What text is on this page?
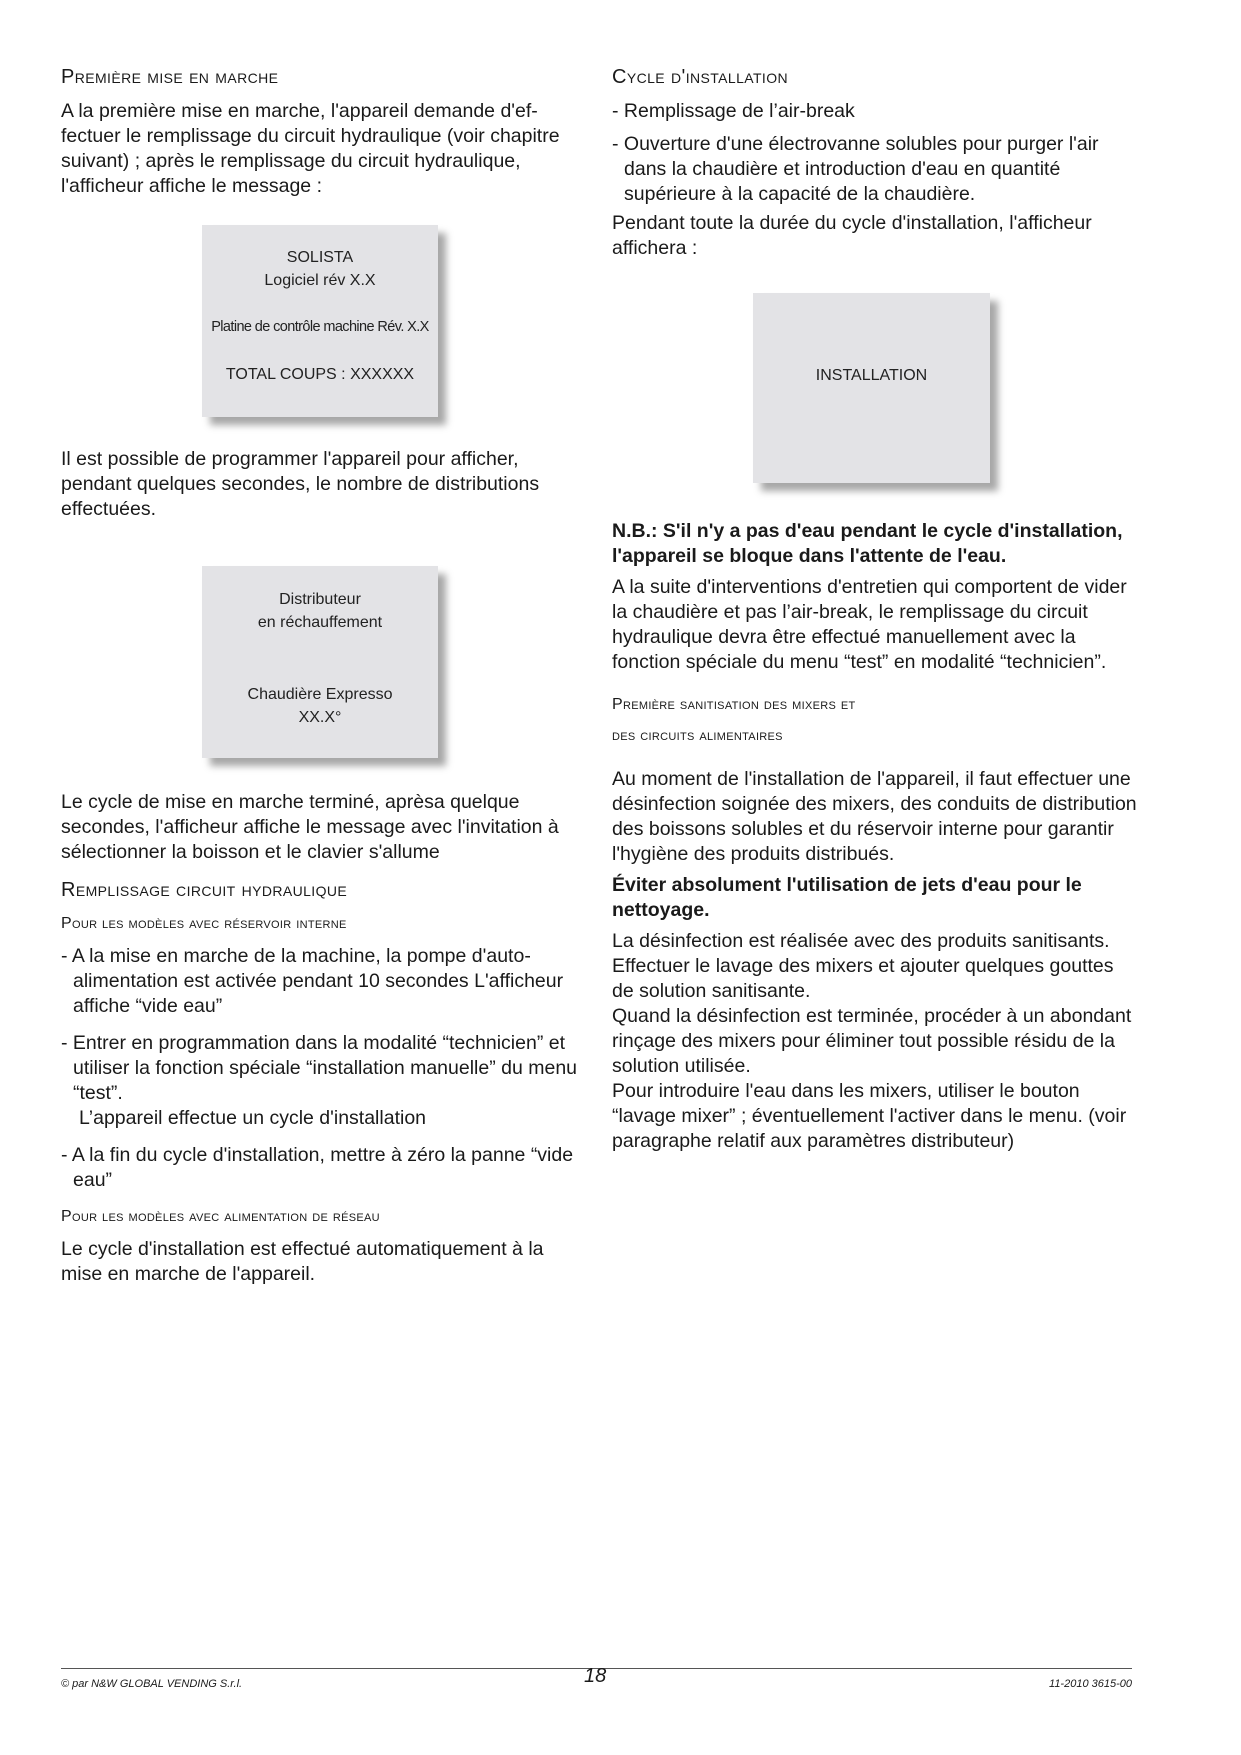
Première mise en marche

A la première mise en marche, l'appareil demande d'effectuer le remplissage du circuit hydraulique (voir chapitre suivant) ; après le remplissage du circuit hydraulique, l'afficheur affiche le message :

SOLISTA
Logiciel rév X.X
Platine de contrôle machine Rév. X.X
TOTAL COUPS : XXXXXX

Il est possible de programmer l'appareil pour afficher, pendant quelques secondes, le nombre de distributions effectuées.

Distributeur
en réchauffement
Chaudière Expresso
XX.X°

Le cycle de mise en marche terminé, aprèsa quelque secondes, l'afficheur affiche le message avec l'invitation à sélectionner la boisson et le clavier s'allume

Remplissage circuit hydraulique
Pour les modèles avec réservoir interne
- A la mise en marche de la machine, la pompe d'autoalimentation est activée pendant 10 secondes L'afficheur affiche “vide eau”
- Entrer en programmation dans la modalité “technicien” et utiliser la fonction spéciale “installation manuelle” du menu “test”.
L’appareil effectue un cycle d'installation
- A la fin du cycle d'installation, mettre à zéro la panne “vide eau”
Pour les modèles avec alimentation de réseau

Le cycle d'installation est effectué automatiquement à la mise en marche de l'appareil.

Cycle d'installation
- Remplissage de l’air-break
- Ouverture d'une électrovanne solubles pour purger l'air dans la chaudière et introduction d'eau en quantité supérieure à la capacité de la chaudière.

Pendant toute la durée du cycle d'installation, l'afficheur affichera :

INSTALLATION

N.B.: S'il n'y a pas d'eau pendant le cycle d'installation, l'appareil se bloque dans l'attente de l'eau.

A la suite d'interventions d'entretien qui comportent de vider la chaudière et pas l’air-break, le remplissage du circuit hydraulique devra être effectué manuellement avec la fonction spéciale du menu “test” en modalité “technicien”.

Première sanitisation des mixers et
des circuits alimentaires

Au moment de l'installation de l'appareil, il faut effectuer une désinfection soignée des mixers, des conduits de distribution des boissons solubles et du réservoir interne pour garantir l'hygiène des produits distribués.

Éviter absolument l'utilisation de jets d'eau pour le nettoyage.

La désinfection est réalisée avec des produits sanitisants.

Effectuer le lavage des mixers et ajouter quelques gouttes de solution sanitisante.

Quand la désinfection est terminée, procéder à un abondant rinçage des mixers pour éliminer tout possible résidu de la solution utilisée.

Pour introduire l'eau dans les mixers, utiliser le bouton “lavage mixer” ; éventuellement l'activer dans le menu. (voir paragraphe relatif aux paramètres distributeur)

© par N&W GLOBAL VENDING S.r.l.	18	11-2010 3615-00
